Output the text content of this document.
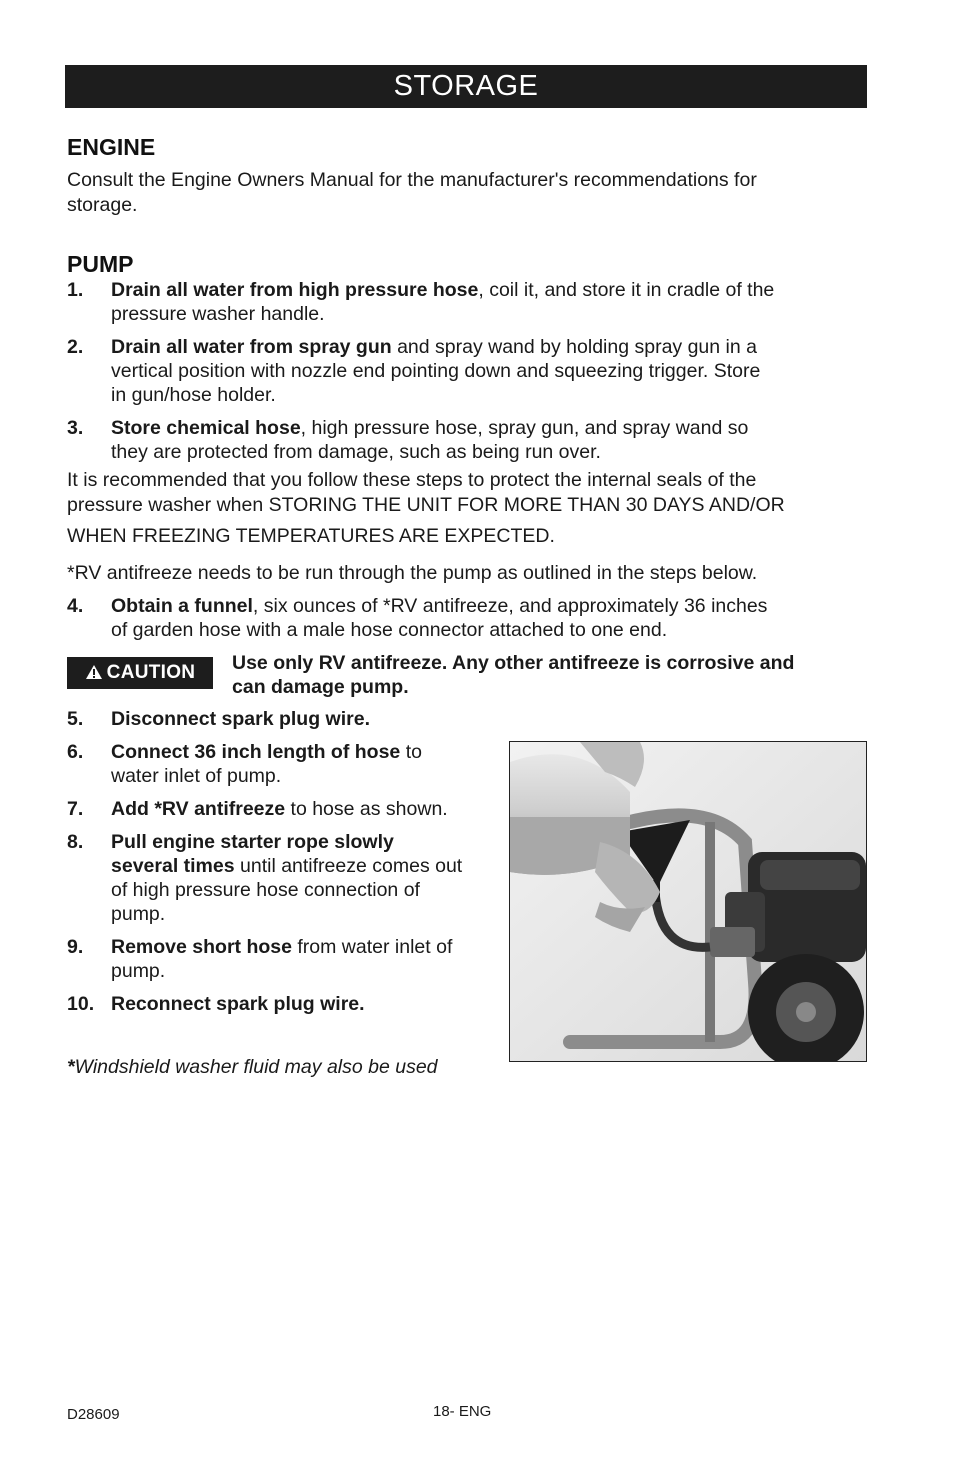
STORAGE
ENGINE
Consult the Engine Owners Manual for the manufacturer's recommendations for
storage.
PUMP
1. Drain all water from high pressure hose, coil it, and store it in cradle of the
pressure washer handle.
2. Drain all water from spray gun and spray wand by holding spray gun in a
vertical position with nozzle end pointing down and squeezing trigger. Store
in gun/hose holder.
3. Store chemical hose, high pressure hose, spray gun, and spray wand so
they are protected from damage, such as being run over.
It is recommended that you follow these steps to protect the internal seals of the
pressure washer when STORING THE UNIT FOR MORE THAN 30 DAYS AND/OR
WHEN FREEZING TEMPERATURES ARE EXPECTED.
*RV antifreeze needs to be run through the pump as outlined in the steps below.
4. Obtain a funnel, six ounces of *RV antifreeze, and approximately 36 inches
of garden hose with a male hose connector attached to one end.
CAUTION	Use only RV antifreeze. Any other antifreeze is corrosive and
can damage pump.
5. Disconnect spark plug wire.
6. Connect 36 inch length of hose to
water inlet of pump.
7. Add *RV antifreeze to hose as shown.
8. Pull engine starter rope slowly
several times until antifreeze comes out
of high pressure hose connection of
pump.
9. Remove short hose from water inlet of
pump.
10. Reconnect spark plug wire.
*Windshield washer fluid may also be used
D28609	18- ENG
